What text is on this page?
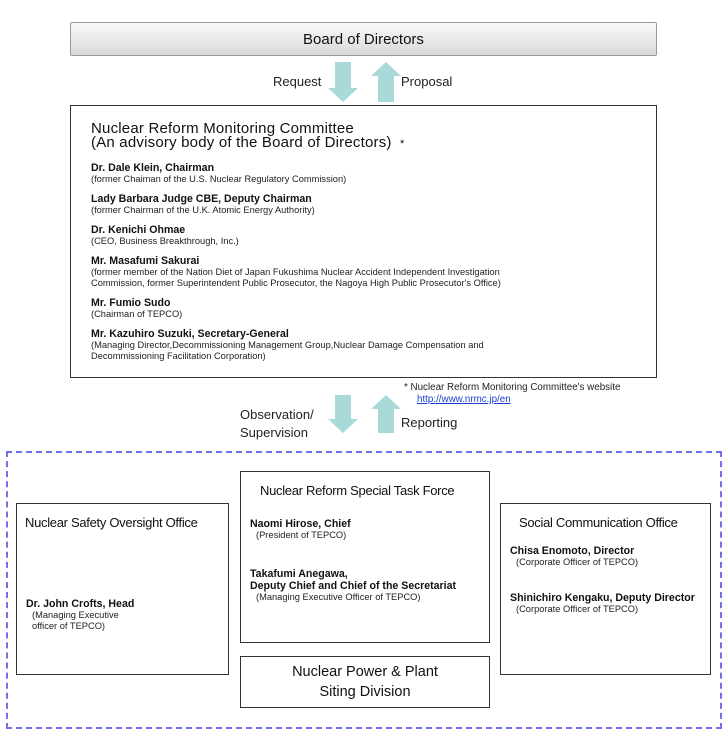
Board of Directors
Request	Proposal
Nuclear Reform Monitoring Committee
(An advisory body of the Board of Directors) *
Dr. Dale Klein, Chairman
(former Chaiman of the U.S. Nuclear Regulatory Commission)
Lady Barbara Judge CBE, Deputy Chairman
(former Chairman of the U.K. Atomic Energy Authority)
Dr. Kenichi Ohmae
(CEO, Business Breakthrough, Inc.)
Mr. Masafumi Sakurai
(former member of the Nation Diet of Japan Fukushima Nuclear Accident Independent Investigation
Commission, former Superintendent Public Prosecutor, the Nagoya High Public Prosecutor's Office)
Mr. Fumio Sudo
(Chairman of TEPCO)
Mr. Kazuhiro Suzuki, Secretary-General
(Managing Director,Decommissioning Management Group,Nuclear Damage Compensation and
Decommissioning Facilitation Corporation)
* Nuclear Reform Monitoring Committee's website
http://www.nrmc.jp/en
Observation/
Supervision
Reporting
Nuclear Safety Oversight Office
Dr. John Crofts, Head
(Managing Executive
officer of TEPCO)
Nuclear Reform Special Task Force
Naomi Hirose, Chief
(President of TEPCO)
Takafumi Anegawa,
Deputy Chief and Chief of the Secretariat
(Managing Executive Officer of TEPCO)
Social Communication Office
Chisa Enomoto, Director
(Corporate Officer of TEPCO)
Shinichiro Kengaku, Deputy Director
(Corporate Officer of TEPCO)
Nuclear Power & Plant
Siting Division
